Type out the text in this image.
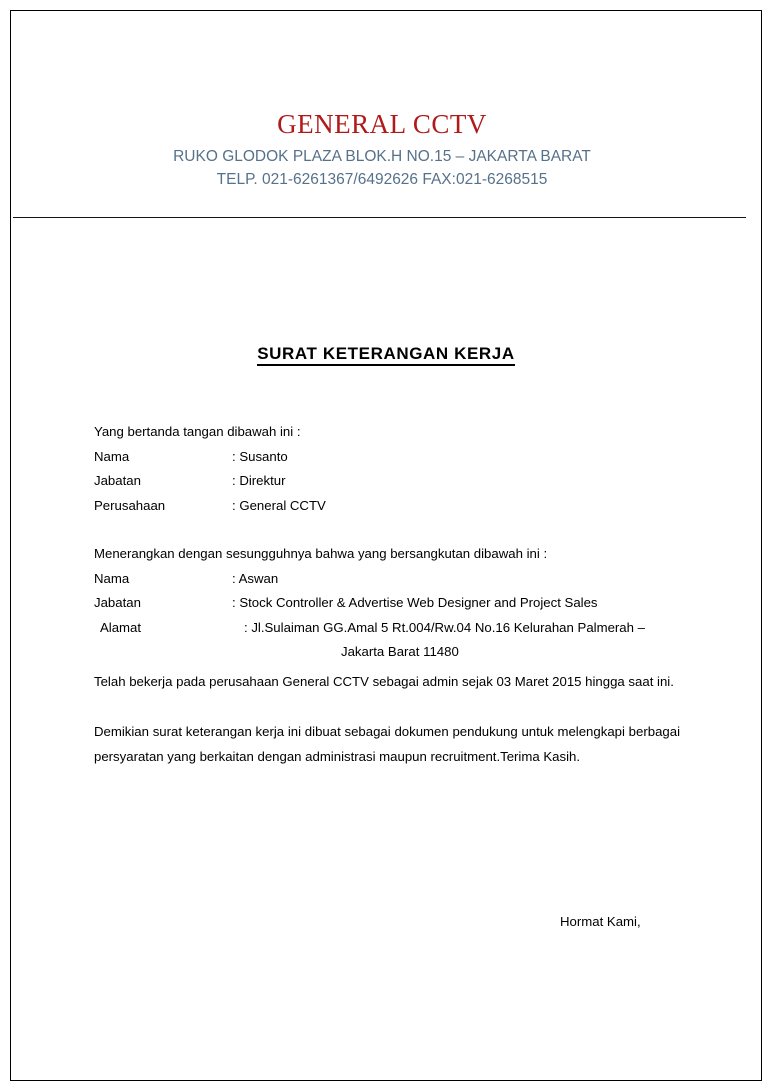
GENERAL CCTV
RUKO GLODOK PLAZA BLOK.H NO.15 – JAKARTA BARAT
TELP. 021-6261367/6492626 FAX:021-6268515
SURAT KETERANGAN KERJA
Yang bertanda tangan dibawah ini :
Nama	: Susanto
Jabatan	: Direktur
Perusahaan	: General CCTV
Menerangkan dengan sesungguhnya bahwa yang bersangkutan dibawah ini :
Nama	: Aswan
Jabatan	: Stock Controller & Advertise Web Designer and Project Sales
Alamat	: Jl.Sulaiman GG.Amal 5 Rt.004/Rw.04 No.16 Kelurahan Palmerah –
Jakarta Barat 11480

Telah bekerja pada perusahaan General CCTV sebagai admin sejak 03 Maret 2015 hingga saat ini.

Demikian surat keterangan kerja ini dibuat sebagai dokumen pendukung untuk melengkapi berbagai persyaratan yang berkaitan dengan administrasi maupun recruitment.Terima Kasih.

Hormat Kami,
